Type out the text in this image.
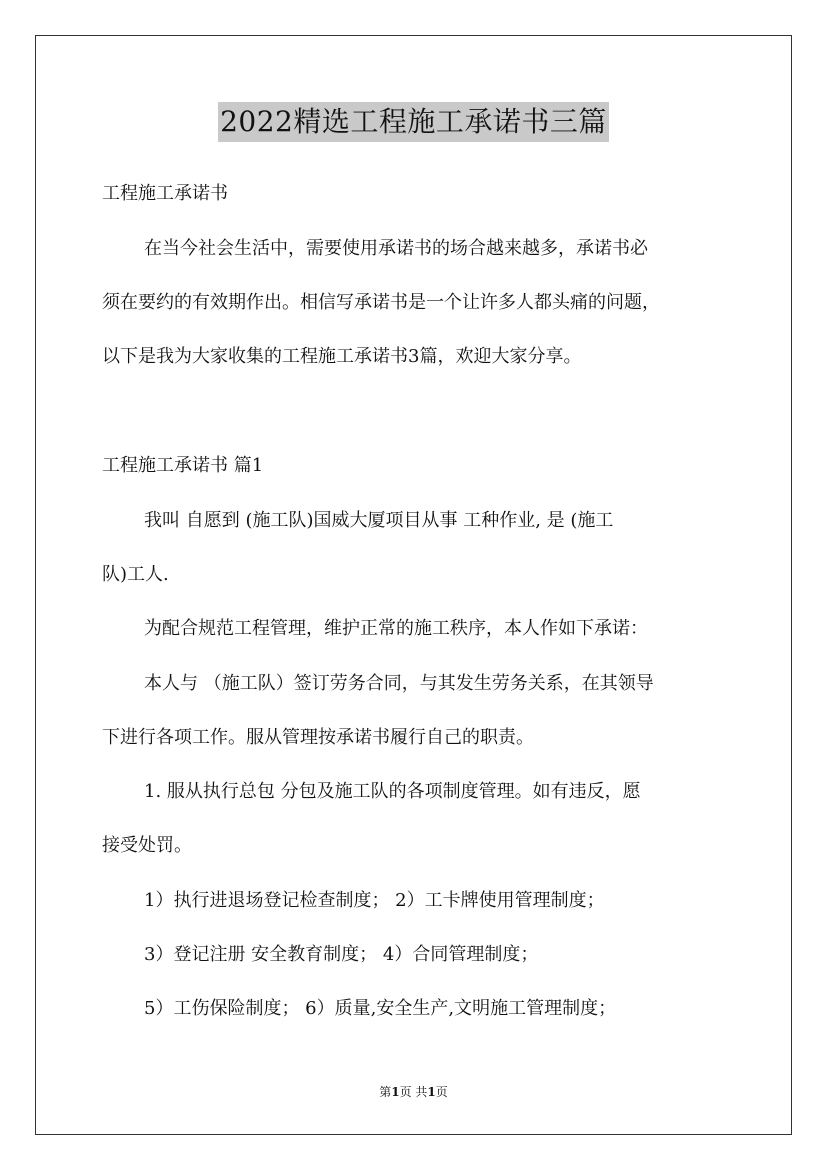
2022精选工程施工承诺书三篇
工程施工承诺书
在当今社会生活中，需要使用承诺书的场合越来越多，承诺书必
须在要约的有效期作出。相信写承诺书是一个让许多人都头痛的问题，
以下是我为大家收集的工程施工承诺书3篇，欢迎大家分享。
工程施工承诺书 篇1
我叫 自愿到 (施工队)国威大厦项目从事 工种作业, 是 (施工
队)工人.
为配合规范工程管理，维护正常的施工秩序，本人作如下承诺：
本人与 （施工队）签订劳务合同，与其发生劳务关系，在其领导
下进行各项工作。服从管理按承诺书履行自己的职责。
1. 服从执行总包 分包及施工队的各项制度管理。如有违反，愿
接受处罚。
1）执行进退场登记检查制度； 2）工卡牌使用管理制度；
3）登记注册 安全教育制度； 4）合同管理制度；
5）工伤保险制度； 6）质量,安全生产,文明施工管理制度；
第1页 共1页
